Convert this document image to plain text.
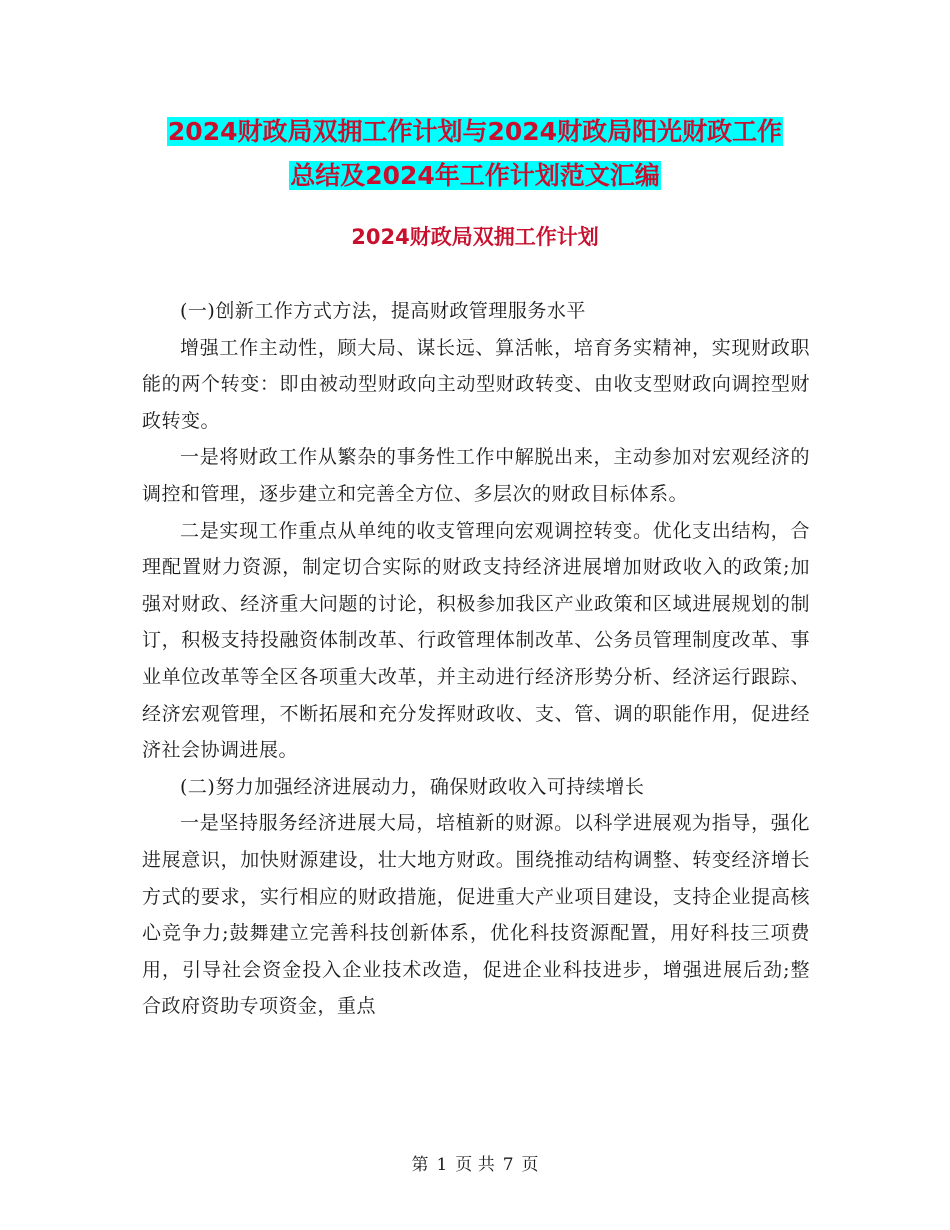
2024财政局双拥工作计划与2024财政局阳光财政工作
总结及2024年工作计划范文汇编
2024财政局双拥工作计划

(一)创新工作方式方法，提高财政管理服务水平

增强工作主动性，顾大局、谋长远、算活帐，培育务实精神，实现财政职能的两个转变：即由被动型财政向主动型财政转变、由收支型财政向调控型财政转变。

一是将财政工作从繁杂的事务性工作中解脱出来，主动参加对宏观经济的调控和管理，逐步建立和完善全方位、多层次的财政目标体系。

二是实现工作重点从单纯的收支管理向宏观调控转变。优化支出结构，合理配置财力资源，制定切合实际的财政支持经济进展增加财政收入的政策;加强对财政、经济重大问题的讨论，积极参加我区产业政策和区域进展规划的制订，积极支持投融资体制改革、行政管理体制改革、公务员管理制度改革、事业单位改革等全区各项重大改革，并主动进行经济形势分析、经济运行跟踪、经济宏观管理，不断拓展和充分发挥财政收、支、管、调的职能作用，促进经济社会协调进展。

(二)努力加强经济进展动力，确保财政收入可持续增长

一是坚持服务经济进展大局，培植新的财源。以科学进展观为指导，强化进展意识，加快财源建设，壮大地方财政。围绕推动结构调整、转变经济增长方式的要求，实行相应的财政措施，促进重大产业项目建设，支持企业提高核心竞争力;鼓舞建立完善科技创新体系，优化科技资源配置，用好科技三项费用，引导社会资金投入企业技术改造，促进企业科技进步，增强进展后劲;整合政府资助专项资金，重点

第 1 页 共 7 页
